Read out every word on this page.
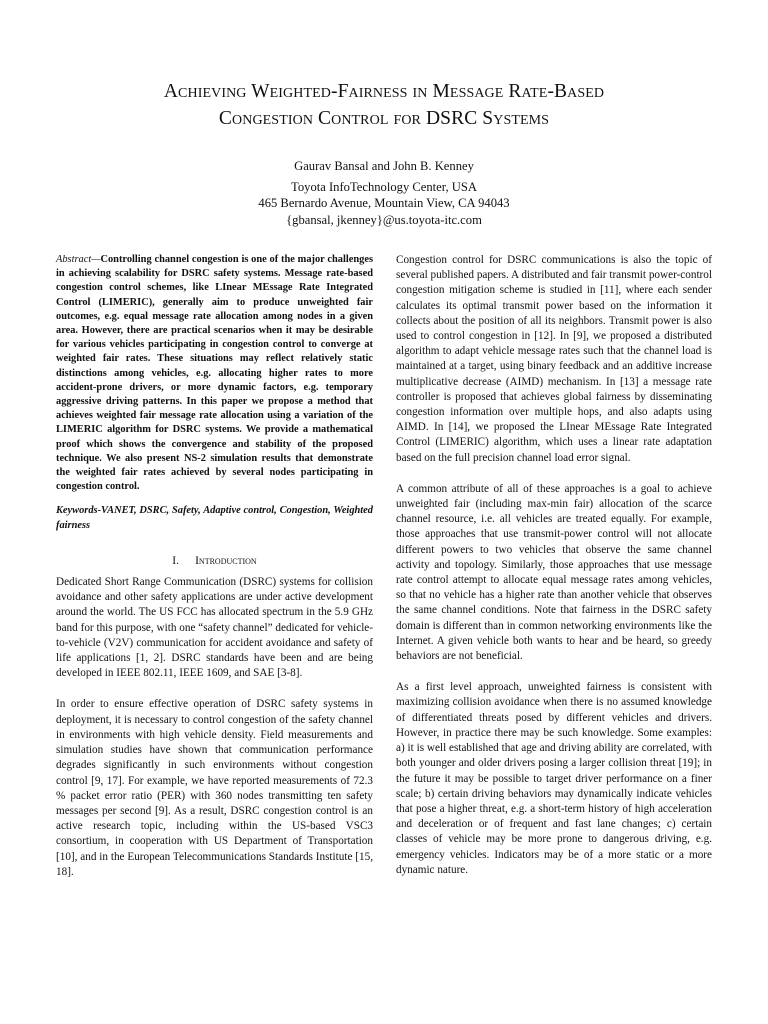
Achieving Weighted-Fairness in Message Rate-Based
Congestion Control for DSRC Systems
Gaurav Bansal and John B. Kenney
Toyota InfoTechnology Center, USA
465 Bernardo Avenue, Mountain View, CA 94043
{gbansal, jkenney}@us.toyota-itc.com

Abstract—Controlling channel congestion is one of the major challenges in achieving scalability for DSRC safety systems. Message rate-based congestion control schemes, like LInear MEssage Rate Integrated Control (LIMERIC), generally aim to produce unweighted fair outcomes, e.g. equal message rate allocation among nodes in a given area. However, there are practical scenarios when it may be desirable for various vehicles participating in congestion control to converge at weighted fair rates. These situations may reflect relatively static distinctions among vehicles, e.g. allocating higher rates to more accident-prone drivers, or more dynamic factors, e.g. temporary aggressive driving patterns. In this paper we propose a method that achieves weighted fair message rate allocation using a variation of the LIMERIC algorithm for DSRC systems. We provide a mathematical proof which shows the convergence and stability of the proposed technique. We also present NS-2 simulation results that demonstrate the weighted fair rates achieved by several nodes participating in congestion control.

Keywords-VANET, DSRC, Safety, Adaptive control, Congestion, Weighted fairness

I. Introduction

Dedicated Short Range Communication (DSRC) systems for collision avoidance and other safety applications are under active development around the world. The US FCC has allocated spectrum in the 5.9 GHz band for this purpose, with one “safety channel” dedicated for vehicle-to-vehicle (V2V) communication for accident avoidance and safety of life applications [1, 2]. DSRC standards have been and are being developed in IEEE 802.11, IEEE 1609, and SAE [3-8].

In order to ensure effective operation of DSRC safety systems in deployment, it is necessary to control congestion of the safety channel in environments with high vehicle density. Field measurements and simulation studies have shown that communication performance degrades significantly in such environments without congestion control [9, 17]. For example, we have reported measurements of 72.3 % packet error ratio (PER) with 360 nodes transmitting ten safety messages per second [9]. As a result, DSRC congestion control is an active research topic, including within the US-based VSC3 consortium, in cooperation with US Department of Transportation [10], and in the European Telecommunications Standards Institute [15, 18].

Congestion control for DSRC communications is also the topic of several published papers. A distributed and fair transmit power-control congestion mitigation scheme is studied in [11], where each sender calculates its optimal transmit power based on the information it collects about the position of all its neighbors. Transmit power is also used to control congestion in [12]. In [9], we proposed a distributed algorithm to adapt vehicle message rates such that the channel load is maintained at a target, using binary feedback and an additive increase multiplicative decrease (AIMD) mechanism. In [13] a message rate controller is proposed that achieves global fairness by disseminating congestion information over multiple hops, and also adapts using AIMD. In [14], we proposed the LInear MEssage Rate Integrated Control (LIMERIC) algorithm, which uses a linear rate adaptation based on the full precision channel load error signal.

A common attribute of all of these approaches is a goal to achieve unweighted fair (including max-min fair) allocation of the scarce channel resource, i.e. all vehicles are treated equally. For example, those approaches that use transmit-power control will not allocate different powers to two vehicles that observe the same channel activity and topology. Similarly, those approaches that use message rate control attempt to allocate equal message rates among vehicles, so that no vehicle has a higher rate than another vehicle that observes the same channel conditions. Note that fairness in the DSRC safety domain is different than in common networking environments like the Internet. A given vehicle both wants to hear and be heard, so greedy behaviors are not beneficial.

As a first level approach, unweighted fairness is consistent with maximizing collision avoidance when there is no assumed knowledge of differentiated threats posed by different vehicles and drivers. However, in practice there may be such knowledge. Some examples: a) it is well established that age and driving ability are correlated, with both younger and older drivers posing a larger collision threat [19]; in the future it may be possible to target driver performance on a finer scale; b) certain driving behaviors may dynamically indicate vehicles that pose a higher threat, e.g. a short-term history of high acceleration and deceleration or of frequent and fast lane changes; c) certain classes of vehicle may be more prone to dangerous driving, e.g. emergency vehicles. Indicators may be of a more static or a more dynamic nature.
